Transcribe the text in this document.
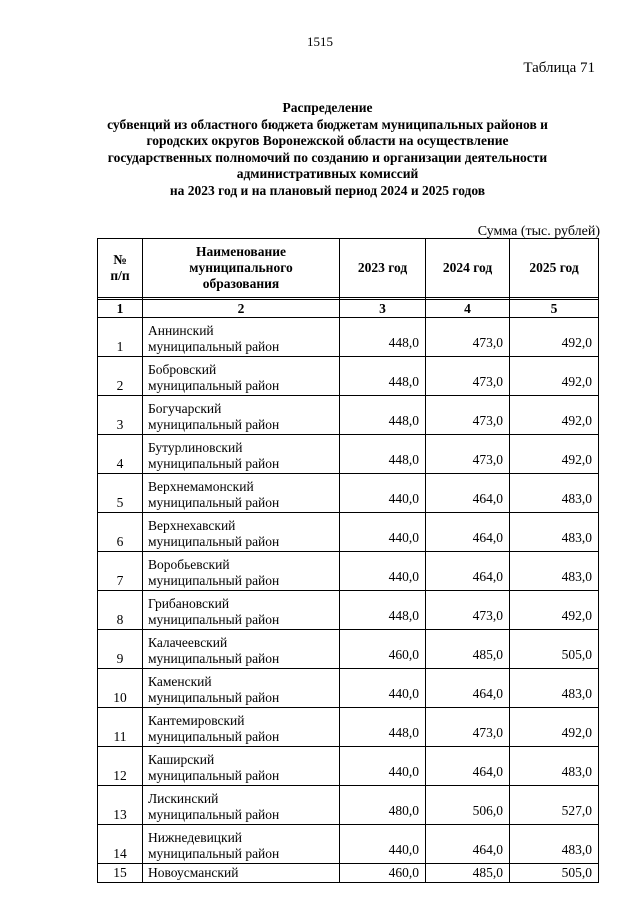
1515
Таблица 71
Распределение
субвенций из областного бюджета бюджетам муниципальных районов и
городских округов Воронежской области на осуществление
государственных полномочий по созданию и организации деятельности
административных комиссий
на 2023 год и на плановый период 2024 и 2025 годов
Сумма (тыс. рублей)
№
п/п	Наименование
муниципального
образования	2023 год	2024 год	2025 год

1	2	3	4	5
1	Аннинский
муниципальный район	448,0	473,0	492,0
2	Бобровский
муниципальный район	448,0	473,0	492,0
3	Богучарский
муниципальный район	448,0	473,0	492,0
4	Бутурлиновский
муниципальный район	448,0	473,0	492,0
5	Верхнемамонский
муниципальный район	440,0	464,0	483,0
6	Верхнехавский
муниципальный район	440,0	464,0	483,0
7	Воробьевский
муниципальный район	440,0	464,0	483,0
8	Грибановский
муниципальный район	448,0	473,0	492,0
9	Калачеевский
муниципальный район	460,0	485,0	505,0
10	Каменский
муниципальный район	440,0	464,0	483,0
11	Кантемировский
муниципальный район	448,0	473,0	492,0
12	Каширский
муниципальный район	440,0	464,0	483,0
13	Лискинский
муниципальный район	480,0	506,0	527,0
14	Нижнедевицкий
муниципальный район	440,0	464,0	483,0
15	Новоусманский	460,0	485,0	505,0
